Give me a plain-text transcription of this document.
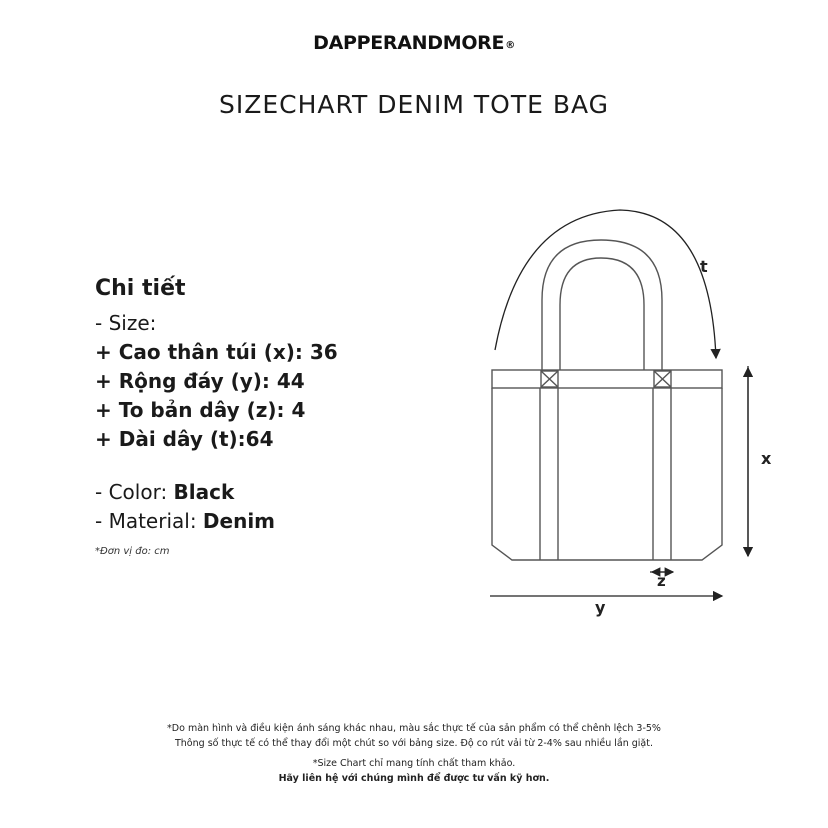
DAPPERANDMORE®
SIZECHART DENIM TOTE BAG
Chi tiết
- Size:
+ Cao thân túi (x): 36
+ Rộng đáy (y): 44
+ To bản dây (z): 4
+ Dài dây (t):64
- Color: Black
- Material: Denim
*Đơn vị đo: cm
t
x
y
z
*Do màn hình và điều kiện ánh sáng khác nhau, màu sắc thực tế của sản phẩm có thể chênh lệch 3-5%
Thông số thực tế có thể thay đổi một chút so với bảng size. Độ co rút vải từ 2-4% sau nhiều lần giặt.
*Size Chart chỉ mang tính chất tham khảo.
Hãy liên hệ với chúng mình để được tư vấn kỹ hơn.
